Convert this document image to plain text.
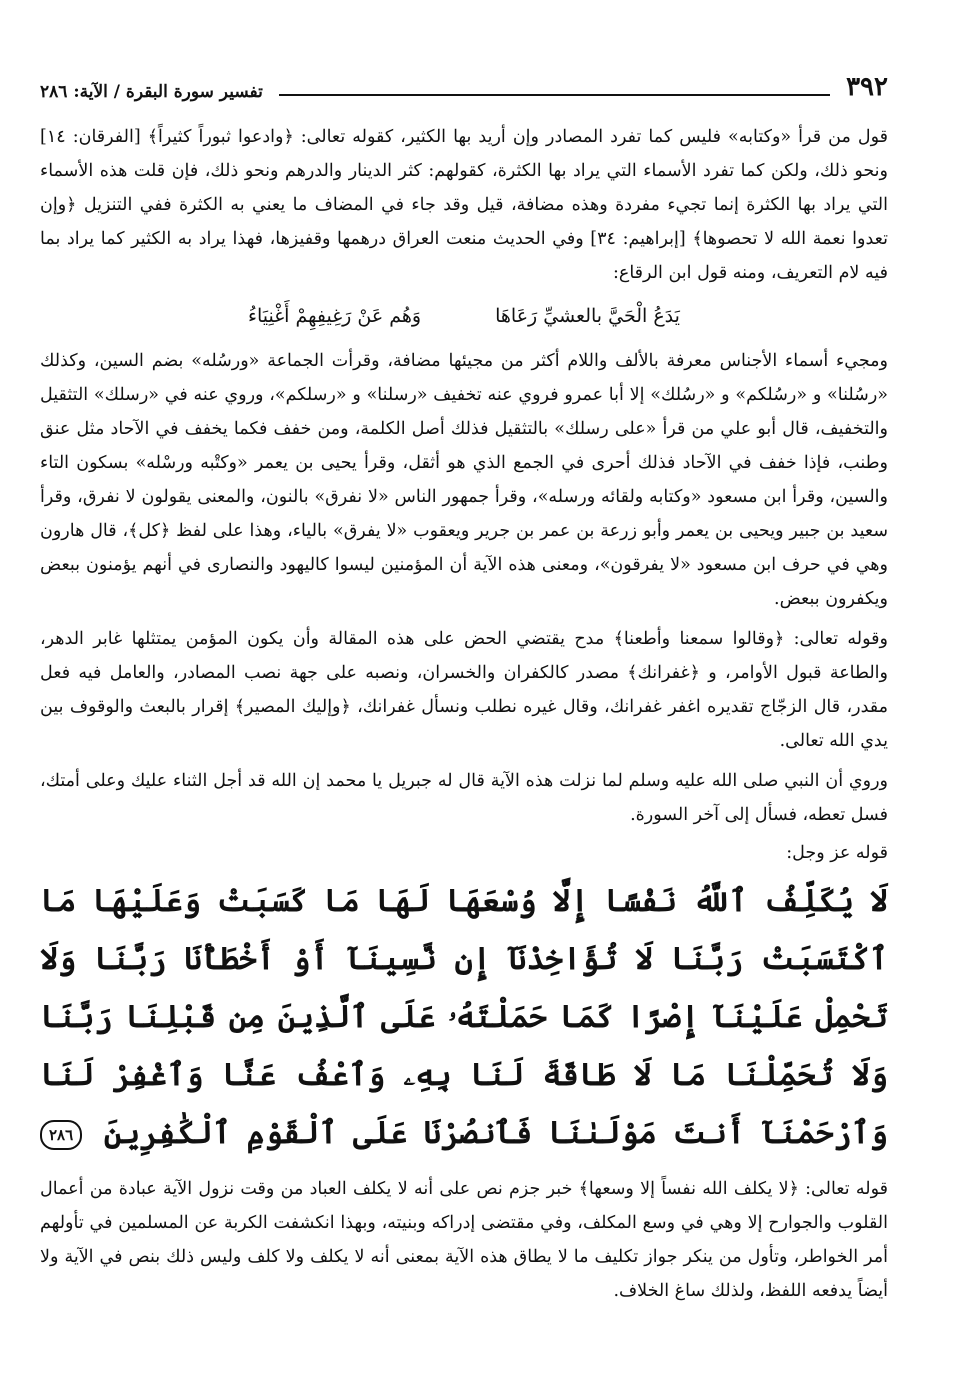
٣٩٢
تفسير سورة البقرة / الآية: ٢٨٦

قول من قرأ «وكتابه» فليس كما تفرد المصادر وإن أريد بها الكثير، كقوله تعالى: ﴿وادعوا ثبوراً كثيراً﴾ [الفرقان: ١٤] ونحو ذلك، ولكن كما تفرد الأسماء التي يراد بها الكثرة، كقولهم: كثر الدينار والدرهم ونحو ذلك، فإن قلت هذه الأسماء التي يراد بها الكثرة إنما تجيء مفردة وهذه مضافة، قيل وقد جاء في المضاف ما يعني به الكثرة ففي التنزيل ﴿وإن تعدوا نعمة الله لا تحصوها﴾ [إبراهيم: ٣٤] وفي الحديث منعت العراق درهمها وقفيزها، فهذا يراد به الكثير كما يراد بما فيه لام التعريف، ومنه قول ابن الرقاع:

يَدَعُ الْحَيَّ بالعشيِّ رَعَاهَا وَهُم عَنْ رَغِيفِهِمْ أَغْنِيَاءُ

ومجيء أسماء الأجناس معرفة بالألف واللام أكثر من مجيئها مضافة، وقرأت الجماعة «ورسُله» بضم السين، وكذلك «رسُلنا» و «رسُلكم» و «رسُلك» إلا أبا عمرو فروي عنه تخفيف «رسلنا» و «رسلكم»، وروي عنه في «رسلك» التثقيل والتخفيف، قال أبو علي من قرأ «على رسلك» بالتثقيل فذلك أصل الكلمة، ومن خفف فكما يخفف في الآحاد مثل عنق وطنب، فإذا خفف في الآحاد فذلك أحرى في الجمع الذي هو أثقل، وقرأ يحيى بن يعمر «وكتْبه ورسْله» بسكون التاء والسين، وقرأ ابن مسعود «وكتابه ولقائه ورسله»، وقرأ جمهور الناس «لا نفرق» بالنون، والمعنى يقولون لا نفرق، وقرأ سعيد بن جبير ويحيى بن يعمر وأبو زرعة بن عمر بن جرير ويعقوب «لا يفرق» بالياء، وهذا على لفظ ﴿كل﴾، قال هارون وهي في حرف ابن مسعود «لا يفرقون»، ومعنى هذه الآية أن المؤمنين ليسوا كاليهود والنصارى في أنهم يؤمنون ببعض ويكفرون ببعض.

وقوله تعالى: ﴿وقالوا سمعنا وأطعنا﴾ مدح يقتضي الحض على هذه المقالة وأن يكون المؤمن يمتثلها غابر الدهر، والطاعة قبول الأوامر، و ﴿غفرانك﴾ مصدر كالكفران والخسران، ونصبه على جهة نصب المصادر، والعامل فيه فعل مقدر، قال الزجّاج تقديره اغفر غفرانك، وقال غيره نطلب ونسأل غفرانك، ﴿وإليك المصير﴾ إقرار بالبعث والوقوف بين يدي الله تعالى.

وروي أن النبي صلى الله عليه وسلم لما نزلت هذه الآية قال له جبريل يا محمد إن الله قد أجل الثناء عليك وعلى أمتك، فسل تعطه، فسأل إلى آخر السورة.

قوله عز وجل:

لَا يُكَلِّفُ ٱللَّهُ نَفْسًا إِلَّا وُسْعَهَا لَهَا مَا كَسَبَتْ وَعَلَيْهَا مَا ٱكْتَسَبَتْ رَبَّنَا لَا تُؤَاخِذْنَآ إِن نَّسِينَآ أَوْ أَخْطَأْنَا رَبَّنَا وَلَا تَحْمِلْ عَلَيْنَآ إِصْرًا كَمَا حَمَلْتَهُۥ عَلَى ٱلَّذِينَ مِن قَبْلِنَا رَبَّنَا وَلَا تُحَمِّلْنَا مَا لَا طَاقَةَ لَنَا بِهِۦ وَٱعْفُ عَنَّا وَٱغْفِرْ لَنَا وَٱرْحَمْنَآ أَنتَ مَوْلَىٰنَا فَٱنصُرْنَا عَلَى ٱلْقَوْمِ ٱلْكَٰفِرِينَ ٢٨٦

قوله تعالى: ﴿لا يكلف الله نفساً إلا وسعها﴾ خبر جزم نص على أنه لا يكلف العباد من وقت نزول الآية عبادة من أعمال القلوب والجوارح إلا وهي في وسع المكلف، وفي مقتضى إدراكه وبنيته، وبهذا انكشفت الكربة عن المسلمين في تأولهم أمر الخواطر، وتأول من ينكر جواز تكليف ما لا يطاق هذه الآية بمعنى أنه لا يكلف ولا كلف وليس ذلك بنص في الآية ولا أيضاً يدفعه اللفظ، ولذلك ساغ الخلاف.
